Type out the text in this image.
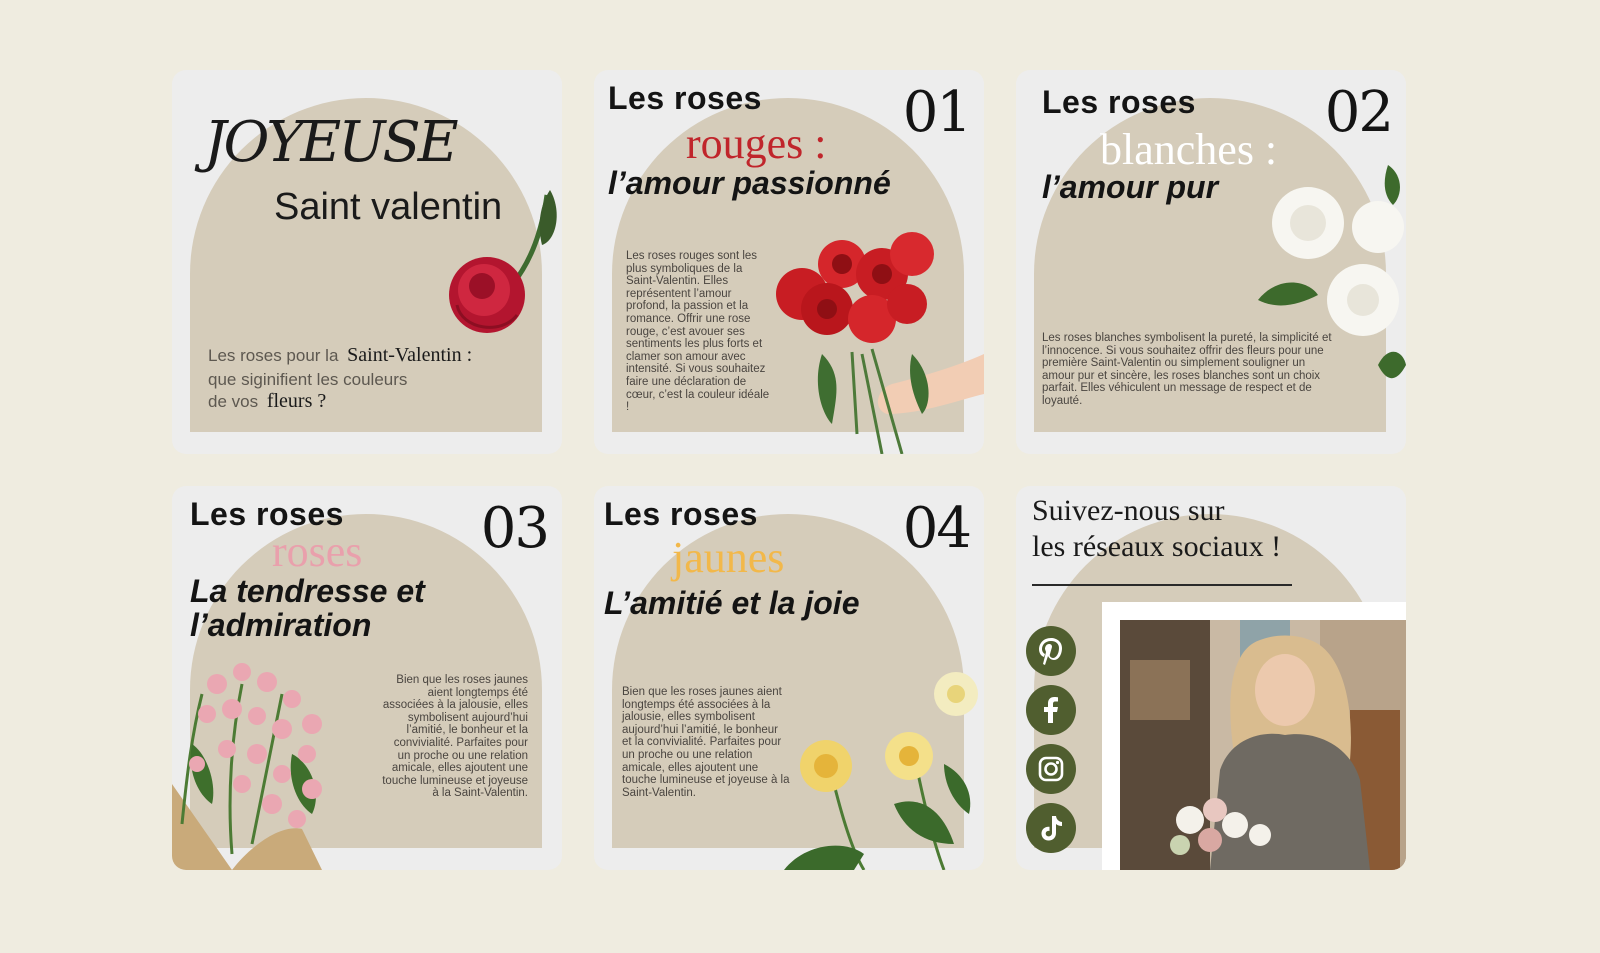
JOYEUSE
Saint valentin
Les roses pour la Saint-Valentin :
que siginifient les couleurs
de vos fleurs ?
Les roses	01
rouges :
l’amour passionné

Les roses rouges sont les plus symboliques de la Saint-Valentin. Elles représentent l’amour profond, la passion et la romance. Offrir une rose rouge, c’est avouer ses sentiments les plus forts et clamer son amour avec intensité. Si vous souhaitez faire une déclaration de cœur, c’est la couleur idéale !

Les roses 02
blanches :
l’amour pur

Les roses blanches symbolisent la pureté, la simplicité et l’innocence. Si vous souhaitez offrir des fleurs pour une première Saint-Valentin ou simplement souligner un amour pur et sincère, les roses blanches sont un choix parfait. Elles véhiculent un message de respect et de loyauté.

Les roses 03
roses
La tendresse et
l’admiration

Bien que les roses jaunes aient longtemps été associées à la jalousie, elles symbolisent aujourd’hui l’amitié, le bonheur et la convivialité. Parfaites pour un proche ou une relation amicale, elles ajoutent une touche lumineuse et joyeuse à la Saint-Valentin.

Les roses	04
jaunes
L’amitié et la joie

Bien que les roses jaunes aient longtemps été associées à la jalousie, elles symbolisent aujourd’hui l’amitié, le bonheur et la convivialité. Parfaites pour un proche ou une relation amicale, elles ajoutent une touche lumineuse et joyeuse à la Saint-Valentin.

Suivez-nous sur
les réseaux sociaux !
